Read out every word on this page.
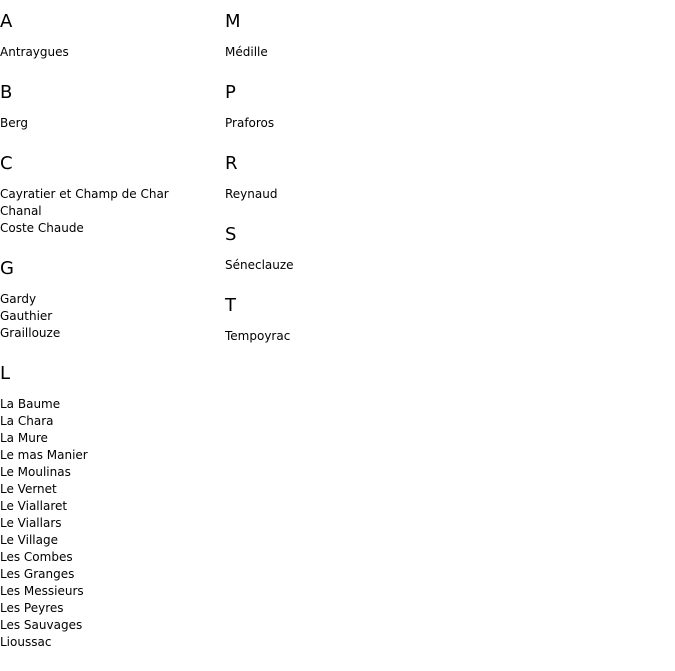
A
Antraygues
B
Berg
C
Cayratier et Champ de Char
Chanal
Coste Chaude
G
Gardy
Gauthier
Graillouze
L
La Baume
La Chara
La Mure
Le mas Manier
Le Moulinas
Le Vernet
Le Viallaret
Le Viallars
Le Village
Les Combes
Les Granges
Les Messieurs
Les Peyres
Les Sauvages
Lioussac
M
Médille
P
Praforos
R
Reynaud
S
Séneclauze
T
Tempoyrac
